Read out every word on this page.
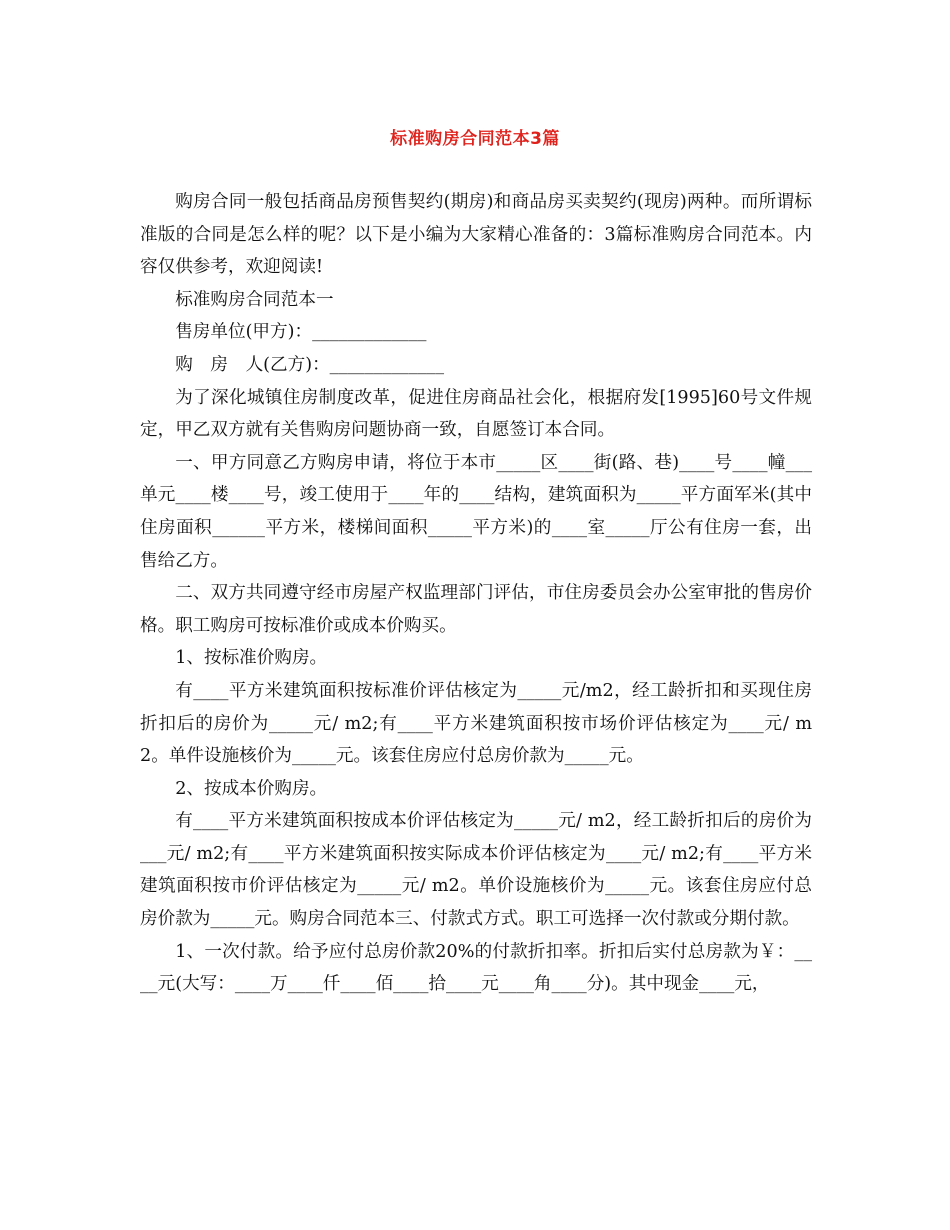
标准购房合同范本3篇

购房合同一般包括商品房预售契约(期房)和商品房买卖契约(现房)两种。而所谓标准版的合同是怎么样的呢？以下是小编为大家精心准备的：3篇标准购房合同范本。内容仅供参考，欢迎阅读!

标准购房合同范本一

售房单位(甲方)：_____________

购　房　人(乙方)：_____________

为了深化城镇住房制度改革，促进住房商品社会化，根据府发[1995]60号文件规定，甲乙双方就有关售购房问题协商一致，自愿签订本合同。

一、甲方同意乙方购房申请，将位于本市_____区____街(路、巷)____号____幢___单元____楼____号，竣工使用于____年的____结构，建筑面积为_____平方面军米(其中住房面积______平方米，楼梯间面积_____平方米)的____室_____厅公有住房一套，出售给乙方。

二、双方共同遵守经市房屋产权监理部门评估，市住房委员会办公室审批的售房价格。职工购房可按标准价或成本价购买。

1、按标准价购房。

有____平方米建筑面积按标准价评估核定为_____元/m2，经工龄折扣和买现住房折扣后的房价为_____元/ m2;有____平方米建筑面积按市场价评估核定为____元/ m2。单件设施核价为_____元。该套住房应付总房价款为_____元。

2、按成本价购房。

有____平方米建筑面积按成本价评估核定为_____元/ m2，经工龄折扣后的房价为___元/ m2;有____平方米建筑面积按实际成本价评估核定为____元/ m2;有____平方米建筑面积按市价评估核定为_____元/ m2。单价设施核价为_____元。该套住房应付总房价款为_____元。购房合同范本三、付款式方式。职工可选择一次付款或分期付款。

1、一次付款。给予应付总房价款20%的付款折扣率。折扣后实付总房款为￥：____元(大写：____万____仟____佰____拾____元____角____分)。其中现金____元，
